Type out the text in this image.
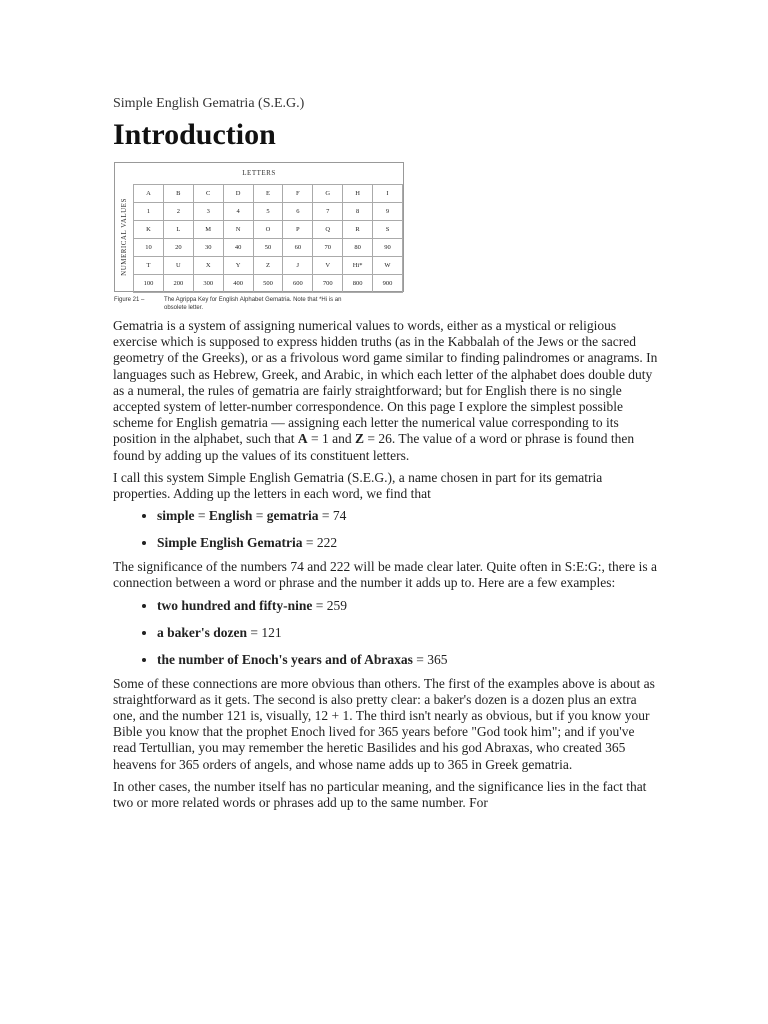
Simple English Gematria (S.E.G.)
Introduction
LETTERS
NUMERICAL VALUES
A	B	C	D	E	F	G	H	I
1	2	3	4	5	6	7	8	9
K	L	M	N	O	P	Q	R	S
10	20	30	40	50	60	70	80	90
T	U	X	Y	Z	J	V	Hi*	W
100	200	300	400	500	600	700	800	900
Figure 21 –	The Agrippa Key for English Alphabet Gematria. Note that *Hi is an obsolete letter.

Gematria is a system of assigning numerical values to words, either as a mystical or religious exercise which is supposed to express hidden truths (as in the Kabbalah of the Jews or the sacred geometry of the Greeks), or as a frivolous word game similar to finding palindromes or anagrams. In languages such as Hebrew, Greek, and Arabic, in which each letter of the alphabet does double duty as a numeral, the rules of gematria are fairly straightforward; but for English there is no single accepted system of letter-number correspondence. On this page I explore the simplest possible scheme for English gematria — assigning each letter the numerical value corresponding to its position in the alphabet, such that A = 1 and Z = 26. The value of a word or phrase is found then found by adding up the values of its constituent letters.

I call this system Simple English Gematria (S.E.G.), a name chosen in part for its gematria properties. Adding up the letters in each word, we find that

• simple = English = gematria = 74
• Simple English Gematria = 222

The significance of the numbers 74 and 222 will be made clear later. Quite often in S:E:G:, there is a connection between a word or phrase and the number it adds up to. Here are a few examples:

• two hundred and fifty-nine = 259
• a baker's dozen = 121
• the number of Enoch's years and of Abraxas = 365

Some of these connections are more obvious than others. The first of the examples above is about as straightforward as it gets. The second is also pretty clear: a baker's dozen is a dozen plus an extra one, and the number 121 is, visually, 12 + 1. The third isn't nearly as obvious, but if you know your Bible you know that the prophet Enoch lived for 365 years before "God took him"; and if you've read Tertullian, you may remember the heretic Basilides and his god Abraxas, who created 365 heavens for 365 orders of angels, and whose name adds up to 365 in Greek gematria.

In other cases, the number itself has no particular meaning, and the significance lies in the fact that two or more related words or phrases add up to the same number. For
